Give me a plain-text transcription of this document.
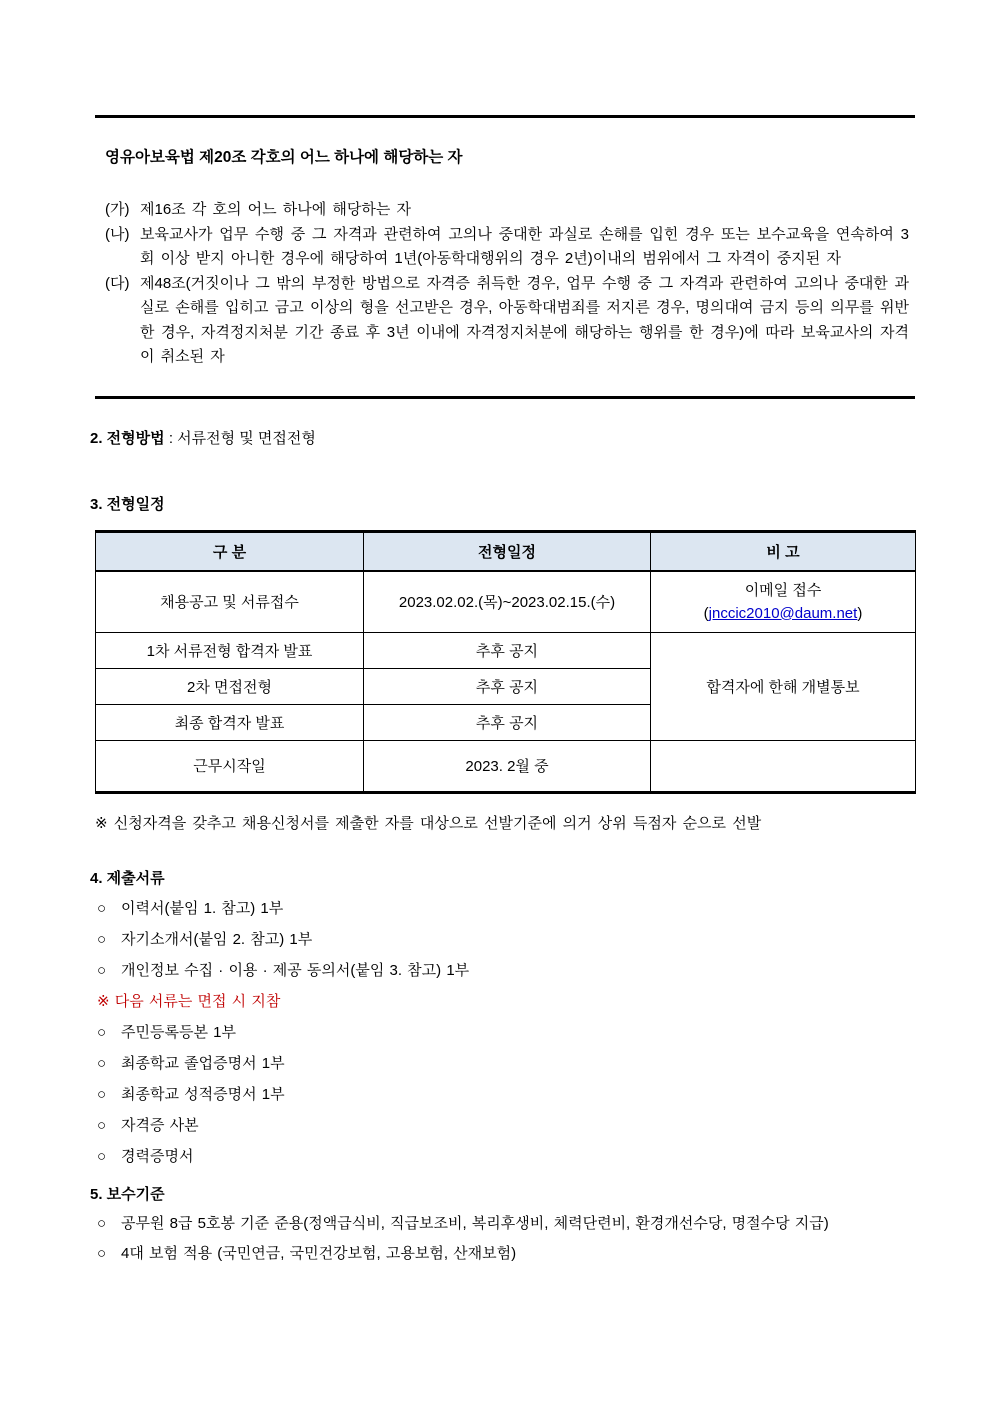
영유아보육법 제20조 각호의 어느 하나에 해당하는 자
(가) 제16조 각 호의 어느 하나에 해당하는 자
(나) 보육교사가 업무 수행 중 그 자격과 관련하여 고의나 중대한 과실로 손해를 입힌 경우 또는 보수교육을 연속하여 3회 이상 받지 아니한 경우에 해당하여 1년(아동학대행위의 경우 2년)이내의 범위에서 그 자격이 중지된 자
(다) 제48조(거짓이나 그 밖의 부정한 방법으로 자격증 취득한 경우, 업무 수행 중 그 자격과 관련하여 고의나 중대한 과실로 손해를 입히고 금고 이상의 형을 선고받은 경우, 아동학대범죄를 저지른 경우, 명의대여 금지 등의 의무를 위반한 경우, 자격정지처분 기간 종료 후 3년 이내에 자격정지처분에 해당하는 행위를 한 경우)에 따라 보육교사의 자격이 취소된 자
2. 전형방법 : 서류전형 및 면접전형
3. 전형일정
구 분	전형일정	비 고
채용공고 및 서류접수	2023.02.02.(목)~2023.02.15.(수)	이메일 접수
(jnccic2010@daum.net)

1차 서류전형 합격자 발표	추후 공지	합격자에 한해 개별통보
2차 면접전형	추후 공지	
최종 합격자 발표	추후 공지	
근무시작일	2023. 2월 중	
※ 신청자격을 갖추고 채용신청서를 제출한 자를 대상으로 선발기준에 의거 상위 득점자 순으로 선발
4. 제출서류
○ 이력서(붙임 1. 참고) 1부
○ 자기소개서(붙임 2. 참고) 1부
○ 개인정보 수집 · 이용 · 제공 동의서(붙임 3. 참고) 1부
※ 다음 서류는 면접 시 지참
○ 주민등록등본 1부
○ 최종학교 졸업증명서 1부
○ 최종학교 성적증명서 1부
○ 자격증 사본
○ 경력증명서
5. 보수기준
○ 공무원 8급 5호봉 기준 준용(정액급식비, 직급보조비, 복리후생비, 체력단련비, 환경개선수당, 명절수당 지급)
○ 4대 보험 적용 (국민연금, 국민건강보험, 고용보험, 산재보험)
